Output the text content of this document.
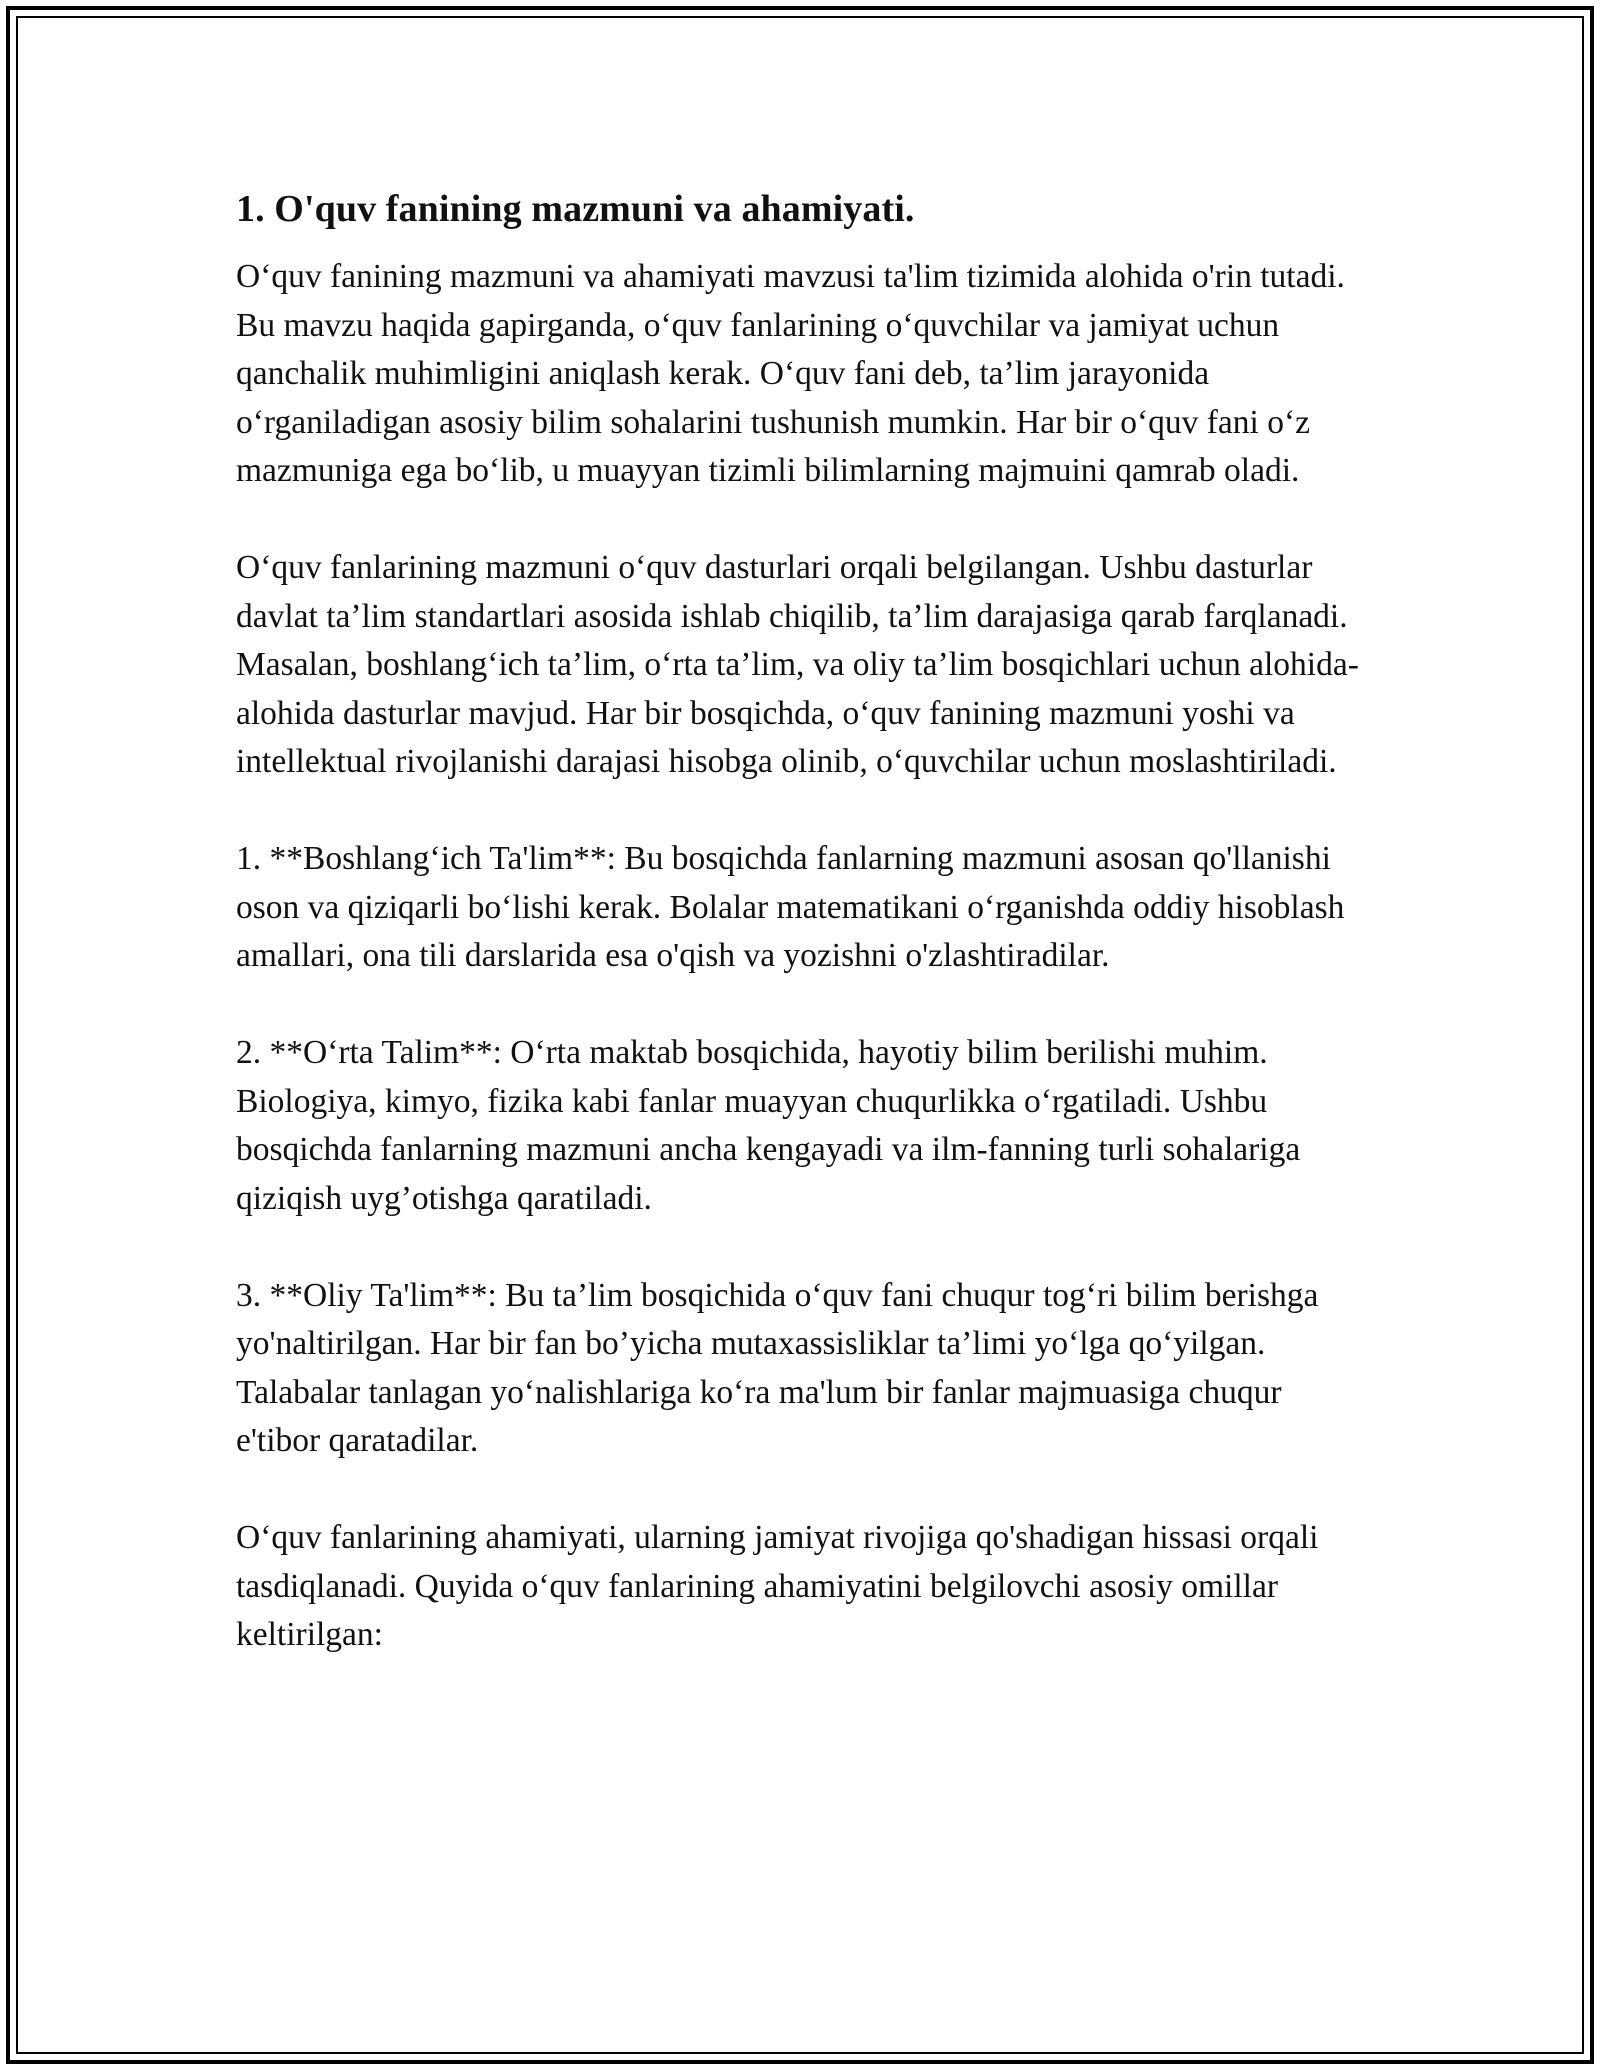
1. O'quv fanining mazmuni va ahamiyati.

O‘quv fanining mazmuni va ahamiyati mavzusi ta'lim tizimida alohida o'rin tutadi. Bu mavzu haqida gapirganda, o‘quv fanlarining o‘quvchilar va jamiyat uchun qanchalik muhimligini aniqlash kerak. O‘quv fani deb, ta’lim jarayonida o‘rganiladigan asosiy bilim sohalarini tushunish mumkin. Har bir o‘quv fani o‘z mazmuniga ega bo‘lib, u muayyan tizimli bilimlarning majmuini qamrab oladi.

O‘quv fanlarining mazmuni o‘quv dasturlari orqali belgilangan. Ushbu dasturlar davlat ta’lim standartlari asosida ishlab chiqilib, ta’lim darajasiga qarab farqlanadi. Masalan, boshlang‘ich ta’lim, o‘rta ta’lim, va oliy ta’lim bosqichlari uchun alohida-alohida dasturlar mavjud. Har bir bosqichda, o‘quv fanining mazmuni yoshi va intellektual rivojlanishi darajasi hisobga olinib, o‘quvchilar uchun moslashtiriladi.

1. **Boshlang‘ich Ta'lim**: Bu bosqichda fanlarning mazmuni asosan qo'llanishi oson va qiziqarli bo‘lishi kerak. Bolalar matematikani o‘rganishda oddiy hisoblash amallari, ona tili darslarida esa o'qish va yozishni o'zlashtiradilar.

2. **O‘rta Talim**: O‘rta maktab bosqichida, hayotiy bilim berilishi muhim. Biologiya, kimyo, fizika kabi fanlar muayyan chuqurlikka o‘rgatiladi. Ushbu bosqichda fanlarning mazmuni ancha kengayadi va ilm-fanning turli sohalariga qiziqish uyg’otishga qaratiladi.

3. **Oliy Ta'lim**: Bu ta’lim bosqichida o‘quv fani chuqur tog‘ri bilim berishga yo'naltirilgan. Har bir fan bo’yicha mutaxassisliklar ta’limi yo‘lga qo‘yilgan. Talabalar tanlagan yo‘nalishlariga ko‘ra ma'lum bir fanlar majmuasiga chuqur e'tibor qaratadilar.

O‘quv fanlarining ahamiyati, ularning jamiyat rivojiga qo'shadigan hissasi orqali tasdiqlanadi. Quyida o‘quv fanlarining ahamiyatini belgilovchi asosiy omillar keltirilgan:
